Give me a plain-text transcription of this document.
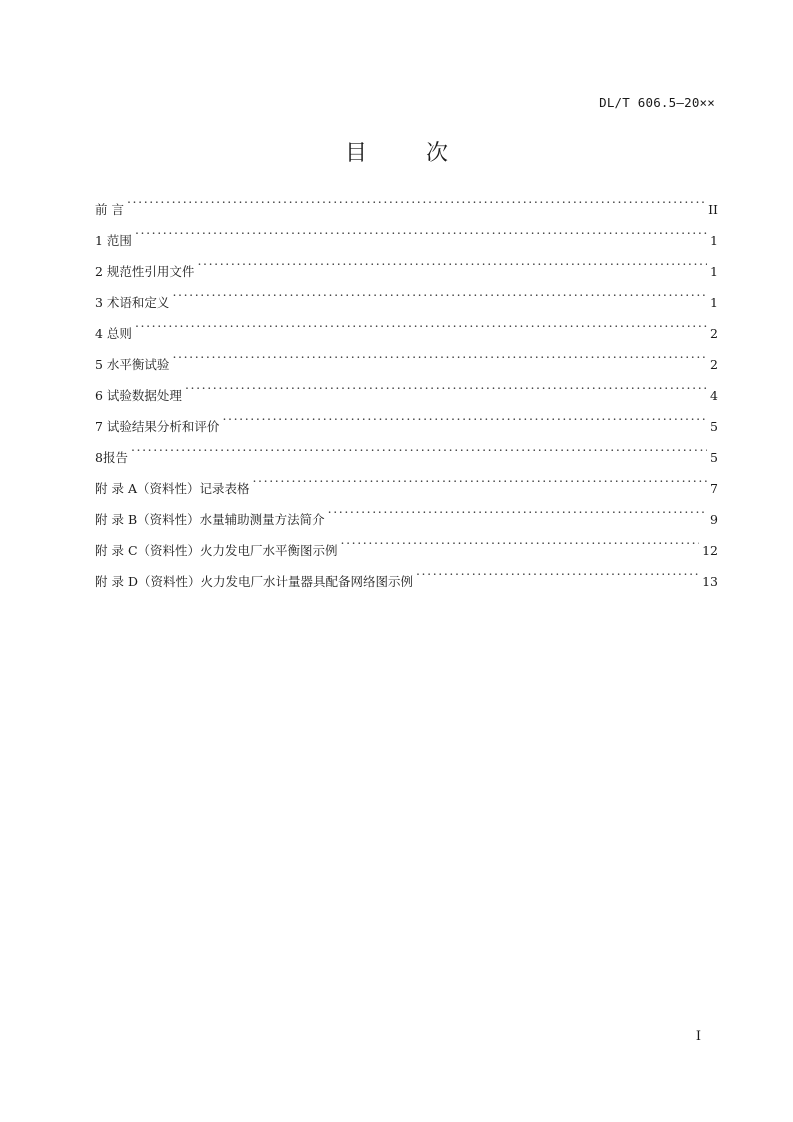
DL/T 606.5—20××
目 次
前 言 .....	II
1 范围 .....	1
2 规范性引用文件 .....	1
3 术语和定义 .....	1
4 总则 .....	2
5 水平衡试验 .....	2
6 试验数据处理 .....	4
7 试验结果分析和评价 .....	5
8报告 .....	5
附 录 A（资料性）记录表格 .....	7
附 录 B（资料性）水量辅助测量方法简介 .....	9
附 录 C（资料性）火力发电厂水平衡图示例 .....	12
附 录 D（资料性）火力发电厂水计量器具配备网络图示例 .....	13
I
